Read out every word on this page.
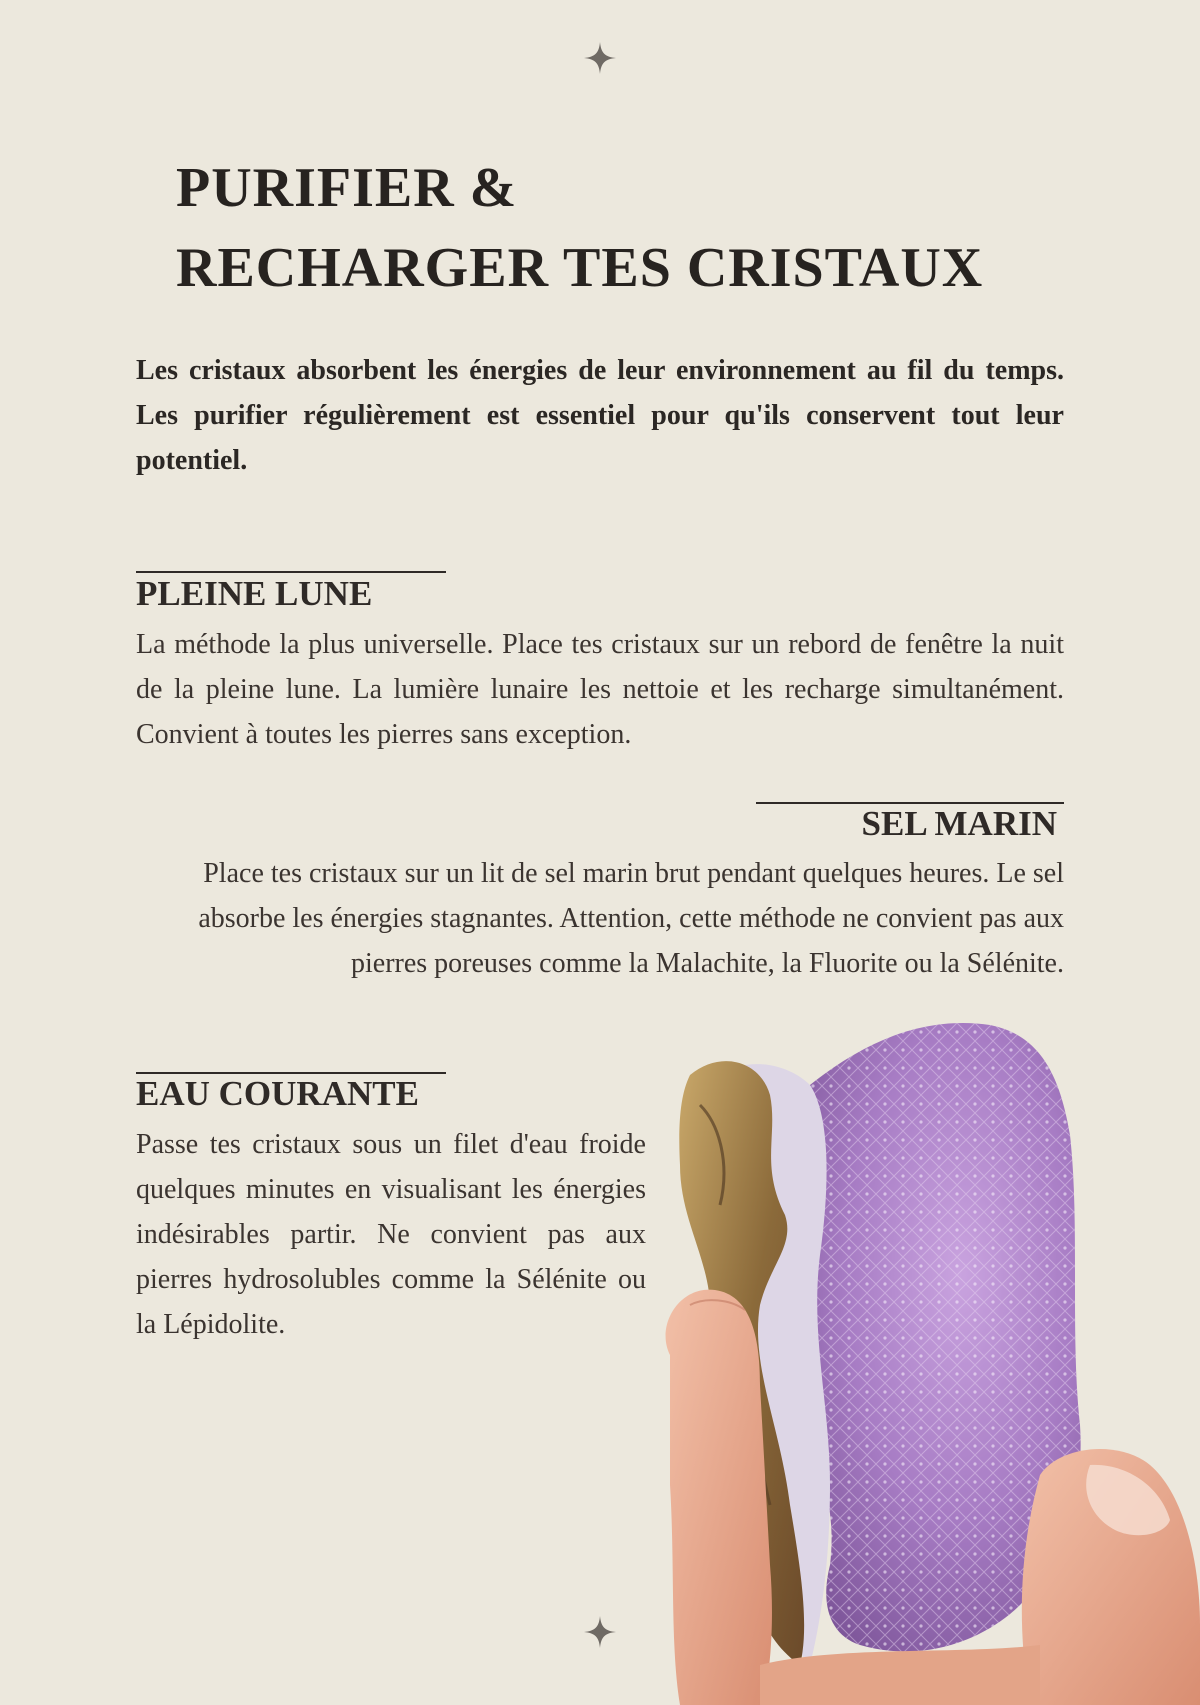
PURIFIER &
RECHARGER TES CRISTAUX

Les cristaux absorbent les énergies de leur environnement au fil du temps. Les purifier régulièrement est essentiel pour qu'ils conservent tout leur potentiel.

PLEINE LUNE

La méthode la plus universelle. Place tes cristaux sur un rebord de fenêtre la nuit de la pleine lune. La lumière lunaire les nettoie et les recharge simultanément. Convient à toutes les pierres sans exception.

SEL MARIN

Place tes cristaux sur un lit de sel marin brut pendant quelques heures. Le sel absorbe les énergies stagnantes. Attention, cette méthode ne convient pas aux pierres poreuses comme la Malachite, la Fluorite ou la Sélénite.

EAU COURANTE

Passe tes cristaux sous un filet d'eau froide quelques minutes en visualisant les énergies indésirables partir. Ne convient pas aux pierres hydrosolubles comme la Sélénite ou la Lépidolite.
